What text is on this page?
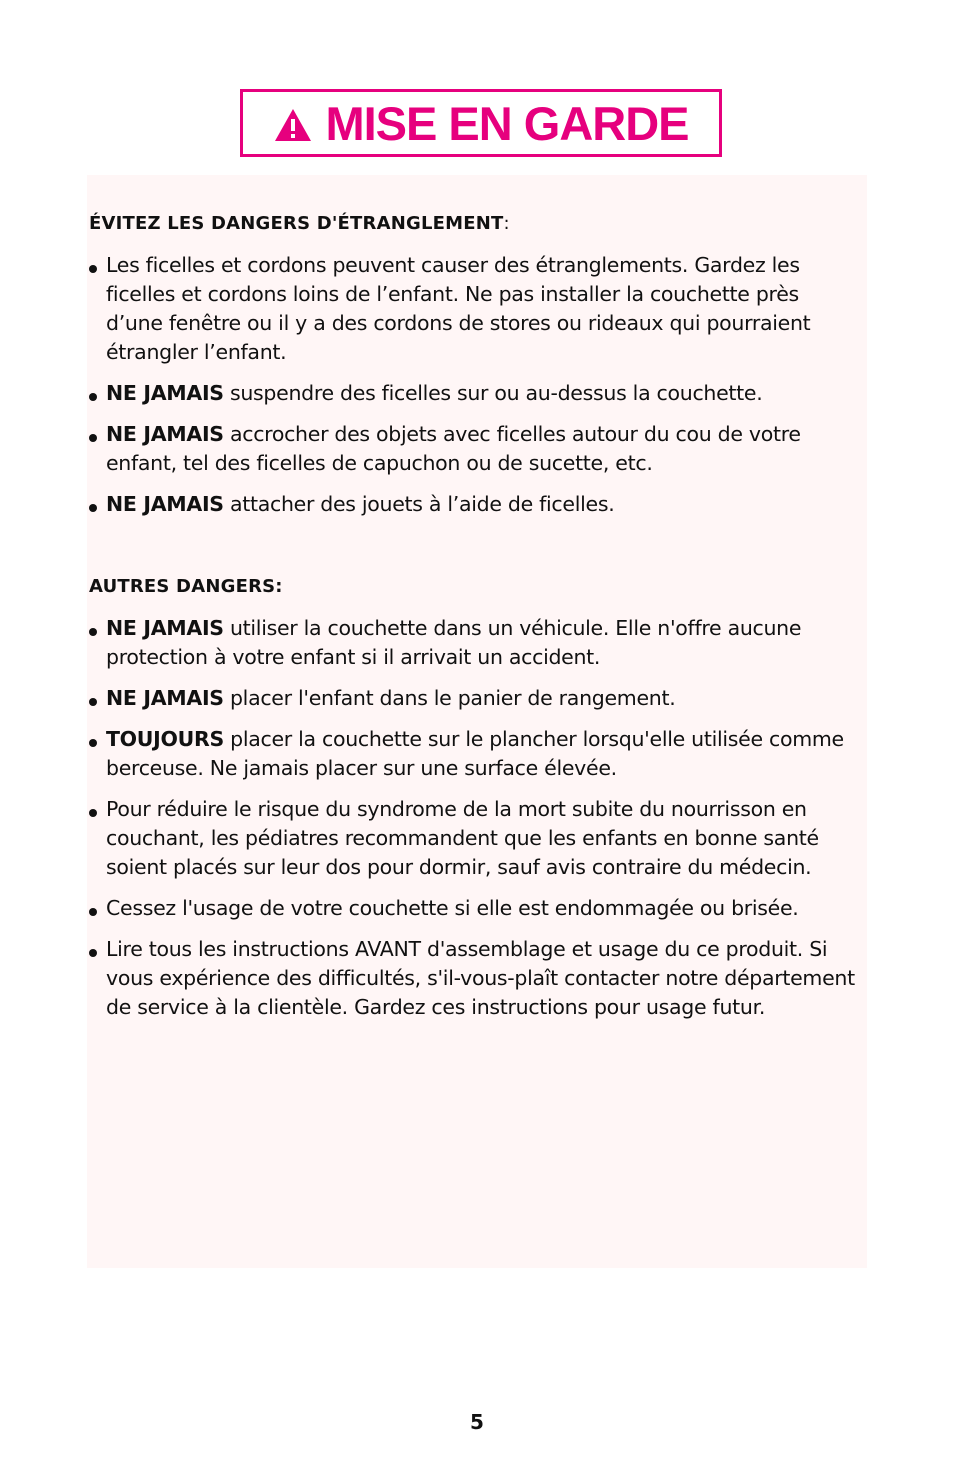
MISE EN GARDE
ÉVITEZ LES DANGERS D'ÉTRANGLEMENT:
Les ficelles et cordons peuvent causer des étranglements. Gardez les ficelles et cordons loins de l’enfant. Ne pas installer la couchette près d’une fenêtre ou il y a des cordons de stores ou rideaux qui pourraient étrangler l’enfant.
NE JAMAIS suspendre des ficelles sur ou au-dessus la couchette.
NE JAMAIS accrocher des objets avec ficelles autour du cou de votre enfant, tel des ficelles de capuchon ou de sucette, etc.
NE JAMAIS attacher des jouets à l’aide de ficelles.
AUTRES DANGERS:
NE JAMAIS utiliser la couchette dans un véhicule. Elle n'offre aucune protection à votre enfant si il arrivait un accident.
NE JAMAIS placer l'enfant dans le panier de rangement.
TOUJOURS placer la couchette sur le plancher lorsqu'elle utilisée comme berceuse. Ne jamais placer sur une surface élevée.
Pour réduire le risque du syndrome de la mort subite du nourrisson en couchant, les pédiatres recommandent que les enfants en bonne santé soient placés sur leur dos pour dormir, sauf avis contraire du médecin.
Cessez l'usage de votre couchette si elle est endommagée ou brisée.
Lire tous les instructions AVANT d'assemblage et usage du ce produit. Si vous expérience des difficultés, s'il-vous-plaît contacter notre département de service à la clientèle. Gardez ces instructions pour usage futur.
5
